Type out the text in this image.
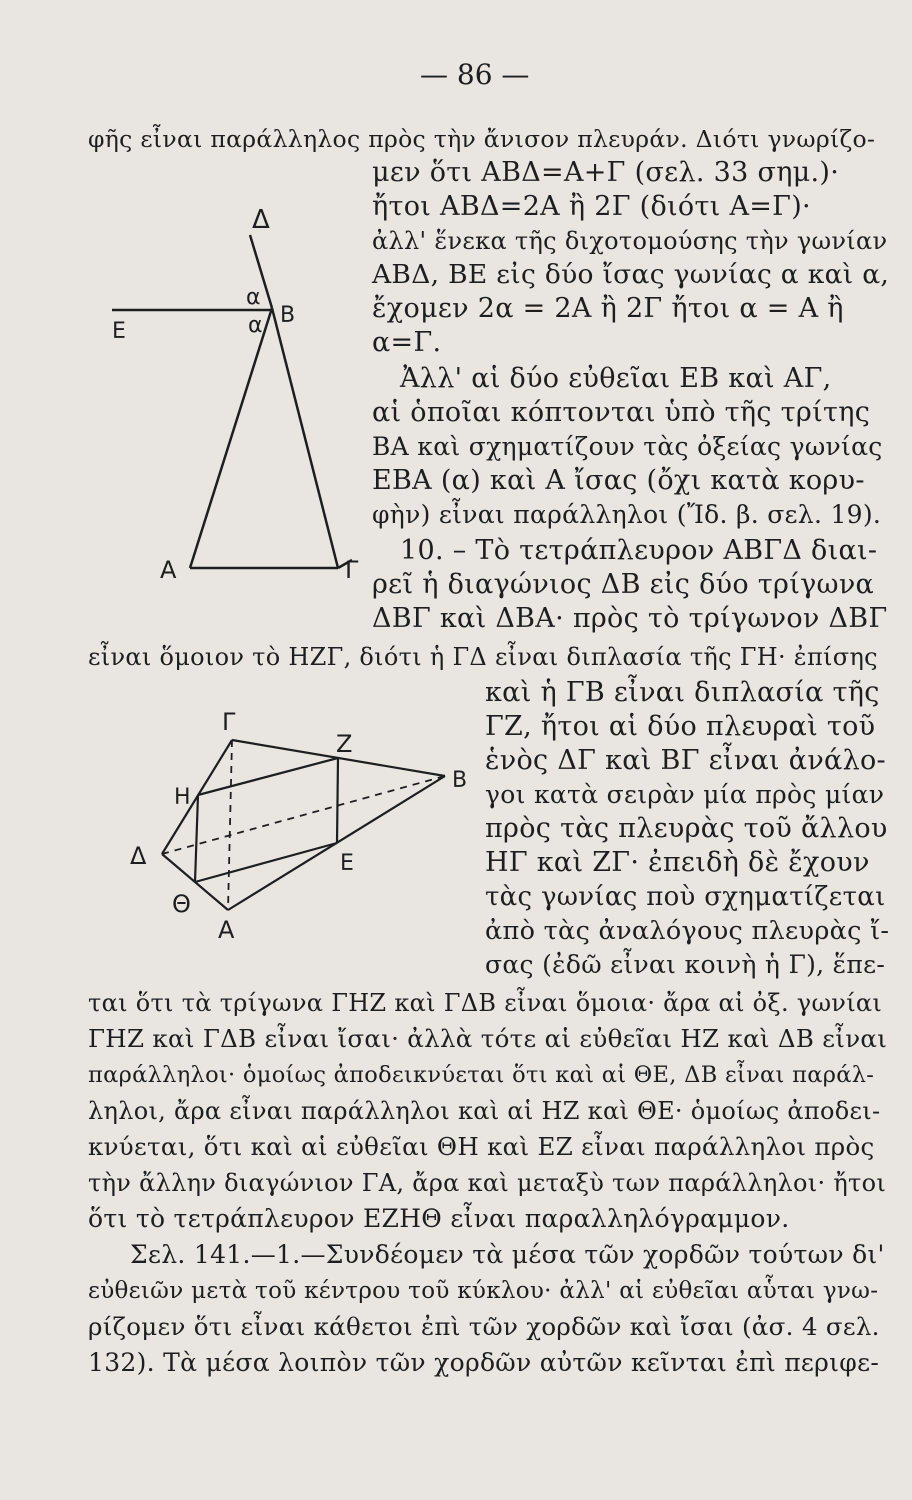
— 86 —
Δ
Ε
Β
α
α
Α	Γ
Γ
Ζ
Β
Η
Δ	Ε
Θ
Α
φῆς εἶναι παράλληλος πρὸς τὴν ἄνισον πλευράν. Διότι γνωρίζο-
μεν ὅτι ΑΒΔ=Α+Γ (σελ. 33 σημ.)·
ἤτοι ΑΒΔ=2Α ἢ 2Γ (διότι Α=Γ)·
ἀλλ' ἕνεκα τῆς διχοτομούσης τὴν γωνίαν
ΑΒΔ, ΒΕ εἰς δύο ἴσας γωνίας α καὶ α,
ἔχομεν 2α = 2Α ἢ 2Γ ἤτοι α = Α ἢ
α=Γ.
Ἀλλ' αἱ δύο εὐθεῖαι ΕΒ καὶ ΑΓ,
αἱ ὁποῖαι κόπτονται ὑπὸ τῆς τρίτης
ΒΑ καὶ σχηματίζουν τὰς ὀξείας γωνίας
ΕΒΑ (α) καὶ Α ἴσας (ὄχι κατὰ κορυ-
φὴν) εἶναι παράλληλοι (Ἴδ. β. σελ. 19).
10. – Τὸ τετράπλευρον ΑΒΓΔ διαι-
ρεῖ ἡ διαγώνιος ΔΒ εἰς δύο τρίγωνα
ΔΒΓ καὶ ΔΒΑ· πρὸς τὸ τρίγωνον ΔΒΓ
εἶναι ὅμοιον τὸ ΗΖΓ, διότι ἡ ΓΔ εἶναι διπλασία τῆς ΓΗ· ἐπίσης
καὶ ἡ ΓΒ εἶναι διπλασία τῆς
ΓΖ, ἤτοι αἱ δύο πλευραὶ τοῦ
ἑνὸς ΔΓ καὶ ΒΓ εἶναι ἀνάλο-
γοι κατὰ σειρὰν μία πρὸς μίαν
πρὸς τὰς πλευρὰς τοῦ ἄλλου
ΗΓ καὶ ΖΓ· ἐπειδὴ δὲ ἔχουν
τὰς γωνίας ποὺ σχηματίζεται
ἀπὸ τὰς ἀναλόγους πλευρὰς ἴ-
σας (ἐδῶ εἶναι κοινὴ ἡ Γ), ἕπε-
ται ὅτι τὰ τρίγωνα ΓΗΖ καὶ ΓΔΒ εἶναι ὅμοια· ἄρα αἱ ὀξ. γωνίαι
ΓΗΖ καὶ ΓΔΒ εἶναι ἴσαι· ἀλλὰ τότε αἱ εὐθεῖαι ΗΖ καὶ ΔΒ εἶναι
παράλληλοι· ὁμοίως ἀποδεικνύεται ὅτι καὶ αἱ ΘΕ, ΔΒ εἶναι παράλ-
ληλοι, ἄρα εἶναι παράλληλοι καὶ αἱ ΗΖ καὶ ΘΕ· ὁμοίως ἀποδει-
κνύεται, ὅτι καὶ αἱ εὐθεῖαι ΘΗ καὶ ΕΖ εἶναι παράλληλοι πρὸς
τὴν ἄλλην διαγώνιον ΓΑ, ἄρα καὶ μεταξὺ των παράλληλοι· ἤτοι
ὅτι τὸ τετράπλευρον ΕΖΗΘ εἶναι παραλληλόγραμμον.
Σελ. 141.—1.—Συνδέομεν τὰ μέσα τῶν χορδῶν τούτων δι'
εὐθειῶν μετὰ τοῦ κέντρου τοῦ κύκλου· ἀλλ' αἱ εὐθεῖαι αὗται γνω-
ρίζομεν ὅτι εἶναι κάθετοι ἐπὶ τῶν χορδῶν καὶ ἴσαι (ἀσ. 4 σελ.
132). Τὰ μέσα λοιπὸν τῶν χορδῶν αὐτῶν κεῖνται ἐπὶ περιφε-
